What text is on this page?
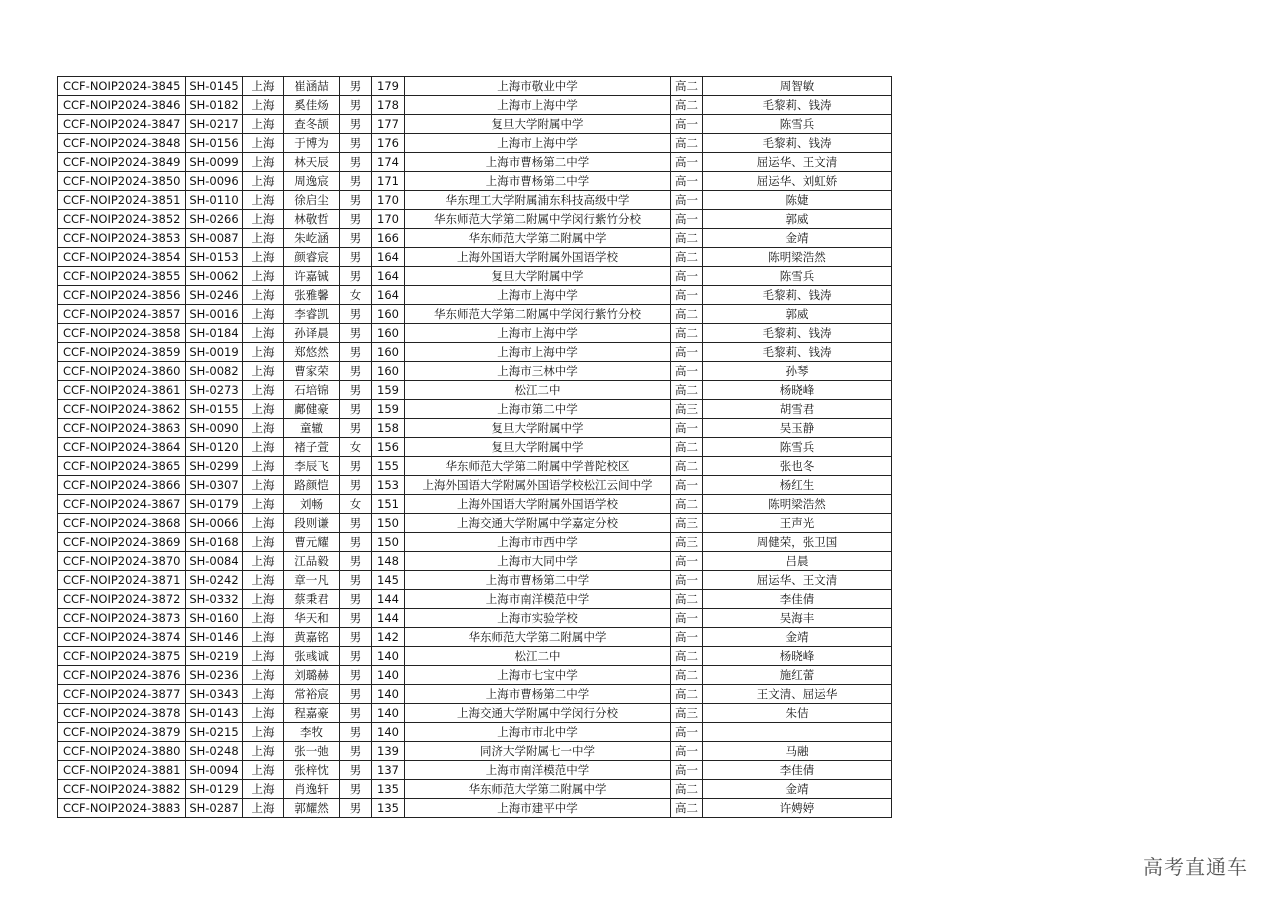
CCF-NOIP2024-3845	SH-0145	上海	崔涵喆	男	179	上海市敬业中学	高二	周智敏
CCF-NOIP2024-3846	SH-0182	上海	奚佳炀	男	178	上海市上海中学	高二	毛黎莉、钱涛
CCF-NOIP2024-3847	SH-0217	上海	查冬颉	男	177	复旦大学附属中学	高一	陈雪兵
CCF-NOIP2024-3848	SH-0156	上海	于博为	男	176	上海市上海中学	高二	毛黎莉、钱涛
CCF-NOIP2024-3849	SH-0099	上海	林天辰	男	174	上海市曹杨第二中学	高一	屈运华、王文清
CCF-NOIP2024-3850	SH-0096	上海	周逸宸	男	171	上海市曹杨第二中学	高一	屈运华、刘虹娇
CCF-NOIP2024-3851	SH-0110	上海	徐启尘	男	170	华东理工大学附属浦东科技高级中学	高一	陈婕
CCF-NOIP2024-3852	SH-0266	上海	林敬哲	男	170	华东师范大学第二附属中学闵行紫竹分校	高一	郭威
CCF-NOIP2024-3853	SH-0087	上海	朱屹涵	男	166	华东师范大学第二附属中学	高二	金靖
CCF-NOIP2024-3854	SH-0153	上海	颜睿宸	男	164	上海外国语大学附属外国语学校	高二	陈明梁浩然
CCF-NOIP2024-3855	SH-0062	上海	许嘉铖	男	164	复旦大学附属中学	高一	陈雪兵
CCF-NOIP2024-3856	SH-0246	上海	张雅馨	女	164	上海市上海中学	高一	毛黎莉、钱涛
CCF-NOIP2024-3857	SH-0016	上海	李睿凯	男	160	华东师范大学第二附属中学闵行紫竹分校	高二	郭威
CCF-NOIP2024-3858	SH-0184	上海	孙译晨	男	160	上海市上海中学	高二	毛黎莉、钱涛
CCF-NOIP2024-3859	SH-0019	上海	郑悠然	男	160	上海市上海中学	高一	毛黎莉、钱涛
CCF-NOIP2024-3860	SH-0082	上海	曹家荣	男	160	上海市三林中学	高一	孙琴
CCF-NOIP2024-3861	SH-0273	上海	石培锦	男	159	松江二中	高二	杨晓峰
CCF-NOIP2024-3862	SH-0155	上海	鄺健豪	男	159	上海市第二中学	高三	胡雪君
CCF-NOIP2024-3863	SH-0090	上海	童辙	男	158	复旦大学附属中学	高一	吴玉静
CCF-NOIP2024-3864	SH-0120	上海	褚子萱	女	156	复旦大学附属中学	高二	陈雪兵
CCF-NOIP2024-3865	SH-0299	上海	李辰飞	男	155	华东师范大学第二附属中学普陀校区	高二	张也冬
CCF-NOIP2024-3866	SH-0307	上海	路颜恺	男	153	上海外国语大学附属外国语学校松江云间中学	高一	杨红生
CCF-NOIP2024-3867	SH-0179	上海	刘畅	女	151	上海外国语大学附属外国语学校	高二	陈明梁浩然
CCF-NOIP2024-3868	SH-0066	上海	段则谦	男	150	上海交通大学附属中学嘉定分校	高三	王声光
CCF-NOIP2024-3869	SH-0168	上海	曹元耀	男	150	上海市市西中学	高三	周健荣，张卫国
CCF-NOIP2024-3870	SH-0084	上海	江品毅	男	148	上海市大同中学	高一	吕晨
CCF-NOIP2024-3871	SH-0242	上海	章一凡	男	145	上海市曹杨第二中学	高一	屈运华、王文清
CCF-NOIP2024-3872	SH-0332	上海	蔡秉君	男	144	上海市南洋模范中学	高二	李佳倩
CCF-NOIP2024-3873	SH-0160	上海	华天和	男	144	上海市实验学校	高一	吴海丰
CCF-NOIP2024-3874	SH-0146	上海	黄嘉铭	男	142	华东师范大学第二附属中学	高一	金靖
CCF-NOIP2024-3875	SH-0219	上海	张彧诚	男	140	松江二中	高二	杨晓峰
CCF-NOIP2024-3876	SH-0236	上海	刘璐赫	男	140	上海市七宝中学	高二	施红蕾
CCF-NOIP2024-3877	SH-0343	上海	常裕宸	男	140	上海市曹杨第二中学	高二	王文清、屈运华
CCF-NOIP2024-3878	SH-0143	上海	程嘉豪	男	140	上海交通大学附属中学闵行分校	高三	朱佶
CCF-NOIP2024-3879	SH-0215	上海	李牧	男	140	上海市市北中学	高一	
CCF-NOIP2024-3880	SH-0248	上海	张一弛	男	139	同济大学附属七一中学	高一	马融
CCF-NOIP2024-3881	SH-0094	上海	张梓忱	男	137	上海市南洋模范中学	高一	李佳倩
CCF-NOIP2024-3882	SH-0129	上海	肖逸轩	男	135	华东师范大学第二附属中学	高二	金靖
CCF-NOIP2024-3883	SH-0287	上海	郭耀然	男	135	上海市建平中学	高二	许娉婷
高考直通车
